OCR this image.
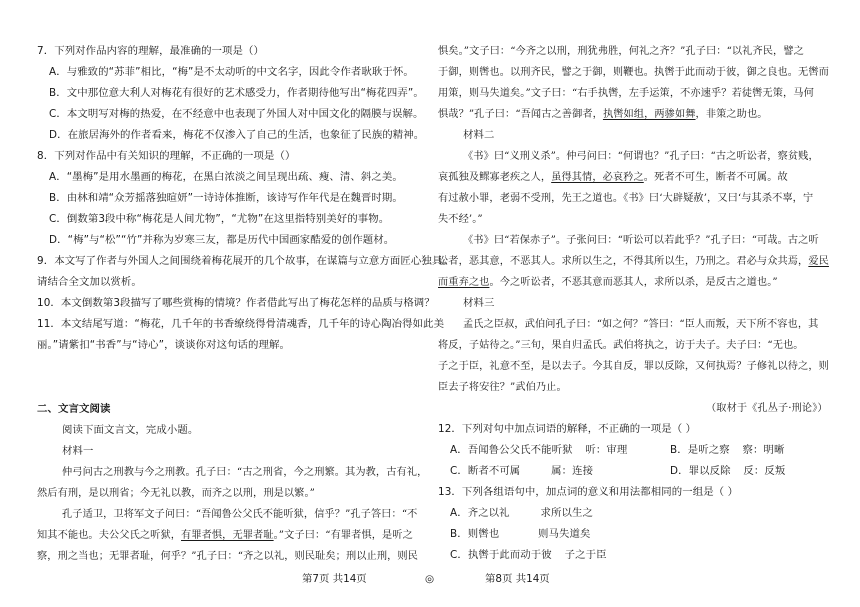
7．下列对作品内容的理解，最准确的一项是（）
A．与雅致的“苏菲”相比，“梅”是不太动听的中文名字，因此令作者耿耿于怀。
B．文中那位意大利人对梅花有很好的艺术感受力，作者期待他写出“梅花四弄”。
C．本文明写对梅的热爱，在不经意中也表现了外国人对中国文化的隔膜与误解。
D．在旅居海外的作者看来，梅花不仅渗入了自己的生活，也象征了民族的精神。
8．下列对作品中有关知识的理解，不正确的一项是（）
A．“墨梅”是用水墨画的梅花，在黑白浓淡之间呈现出疏、瘦、清、斜之美。
B．由林和靖“众芳摇落独暄妍”一诗诗体推断，该诗写作年代是在魏晋时期。
C．倒数第3段中称“梅花是人间尤物”，“尤物”在这里指特别美好的事物。
D．“梅”与“松”“竹”并称为岁寒三友，都是历代中国画家酷爱的创作题材。
9．本文写了作者与外国人之间围绕着梅花展开的几个故事，在谋篇与立意方面匠心独具。
请结合全文加以赏析。
10．本文倒数第3段描写了哪些赏梅的情境？作者借此写出了梅花怎样的品质与格调？
11．本文结尾写道：“梅花，几千年的书香缭绕得骨清魂香，几千年的诗心陶冶得如此美
丽。”请紫扣“书香”与“诗心”，谈谈你对这句话的理解。
二、文言文阅读
阅读下面文言文，完成小题。
材料一
仲弓问古之刑教与今之刑教。孔子曰：“古之刑省，今之刑繁。其为教，古有礼，
然后有刑，是以刑省；今无礼以教，而齐之以刑，刑是以繁。”
孔子适卫，卫将军文子问曰：“吾闻鲁公父氏不能听狱，信乎？”孔子答曰：“不
知其不能也。夫公父氏之听狱，有罪者惧，无罪者耻。”文子曰：“有罪者惧，是听之
察，刑之当也；无罪者耻，何乎？”孔子曰：“齐之以礼，则民耻矣；刑以止刑，则民
惧矣。”文子曰：“今齐之以刑，刑犹弗胜，何礼之齐？”孔子曰：“以礼齐民，譬之
于御，则辔也。以刑齐民，譬之于御，则鞭也。执辔于此而动于彼，御之良也。无辔而
用策，则马失道矣。”文子曰：“右手执辔，左手运策，不亦速乎？若徒辔无策，马何
惧哉？”孔子曰：“吾闻古之善御者，执辔如组，两骖如舞，非策之助也。
材料二
《书》曰“义刑义杀”。仲弓问曰：“何谓也？”孔子曰：“古之听讼者，察贫贱，
哀孤独及鳏寡老疾之人，虽得其情，必哀矜之。死者不可生，断者不可属。故
有过赦小罪，老弱不受刑，先王之道也。《书》曰‘大辟疑赦’，又曰‘与其杀不辜，宁
失不经’。”
《书》曰“若保赤子”。子张问曰：“听讼可以若此乎？”孔子曰：“可哉。古之听
讼者，恶其意，不恶其人。求所以生之，不得其所以生，乃刑之。君必与众共焉，爱民
而重弃之也。今之听讼者，不恶其意而恶其人，求所以杀，是反古之道也。”
材料三
孟氏之臣叔，武伯问孔子曰：“如之何？”答曰：“臣人而叛，天下所不容也，其
将反，子姑待之。”三旬，果自归孟氏。武伯将执之，访于夫子。夫子曰：“无也。
子之于臣，礼意不至，是以去子。今其自反，罪以反除，又何执焉？子修礼以待之，则
臣去子将安往？”武伯乃止。
（取材于《孔丛子·刑论》）
12．下列对句中加点词语的解释，不正确的一项是（ ）
A．吾闻鲁公父氏不能听狱 听：审理	B．是听之察 察：明晰
C．断者不可属	属：连接	D．罪以反除 反：反叛
13．下列各组语句中，加点词的意义和用法都相同的一组是（ ）
A．齐之以礼	求所以生之
B．则辔也	则马失道矣
C．执辔于此而动于彼 子之于臣
第7页 共14页	◎	第8页 共14页
